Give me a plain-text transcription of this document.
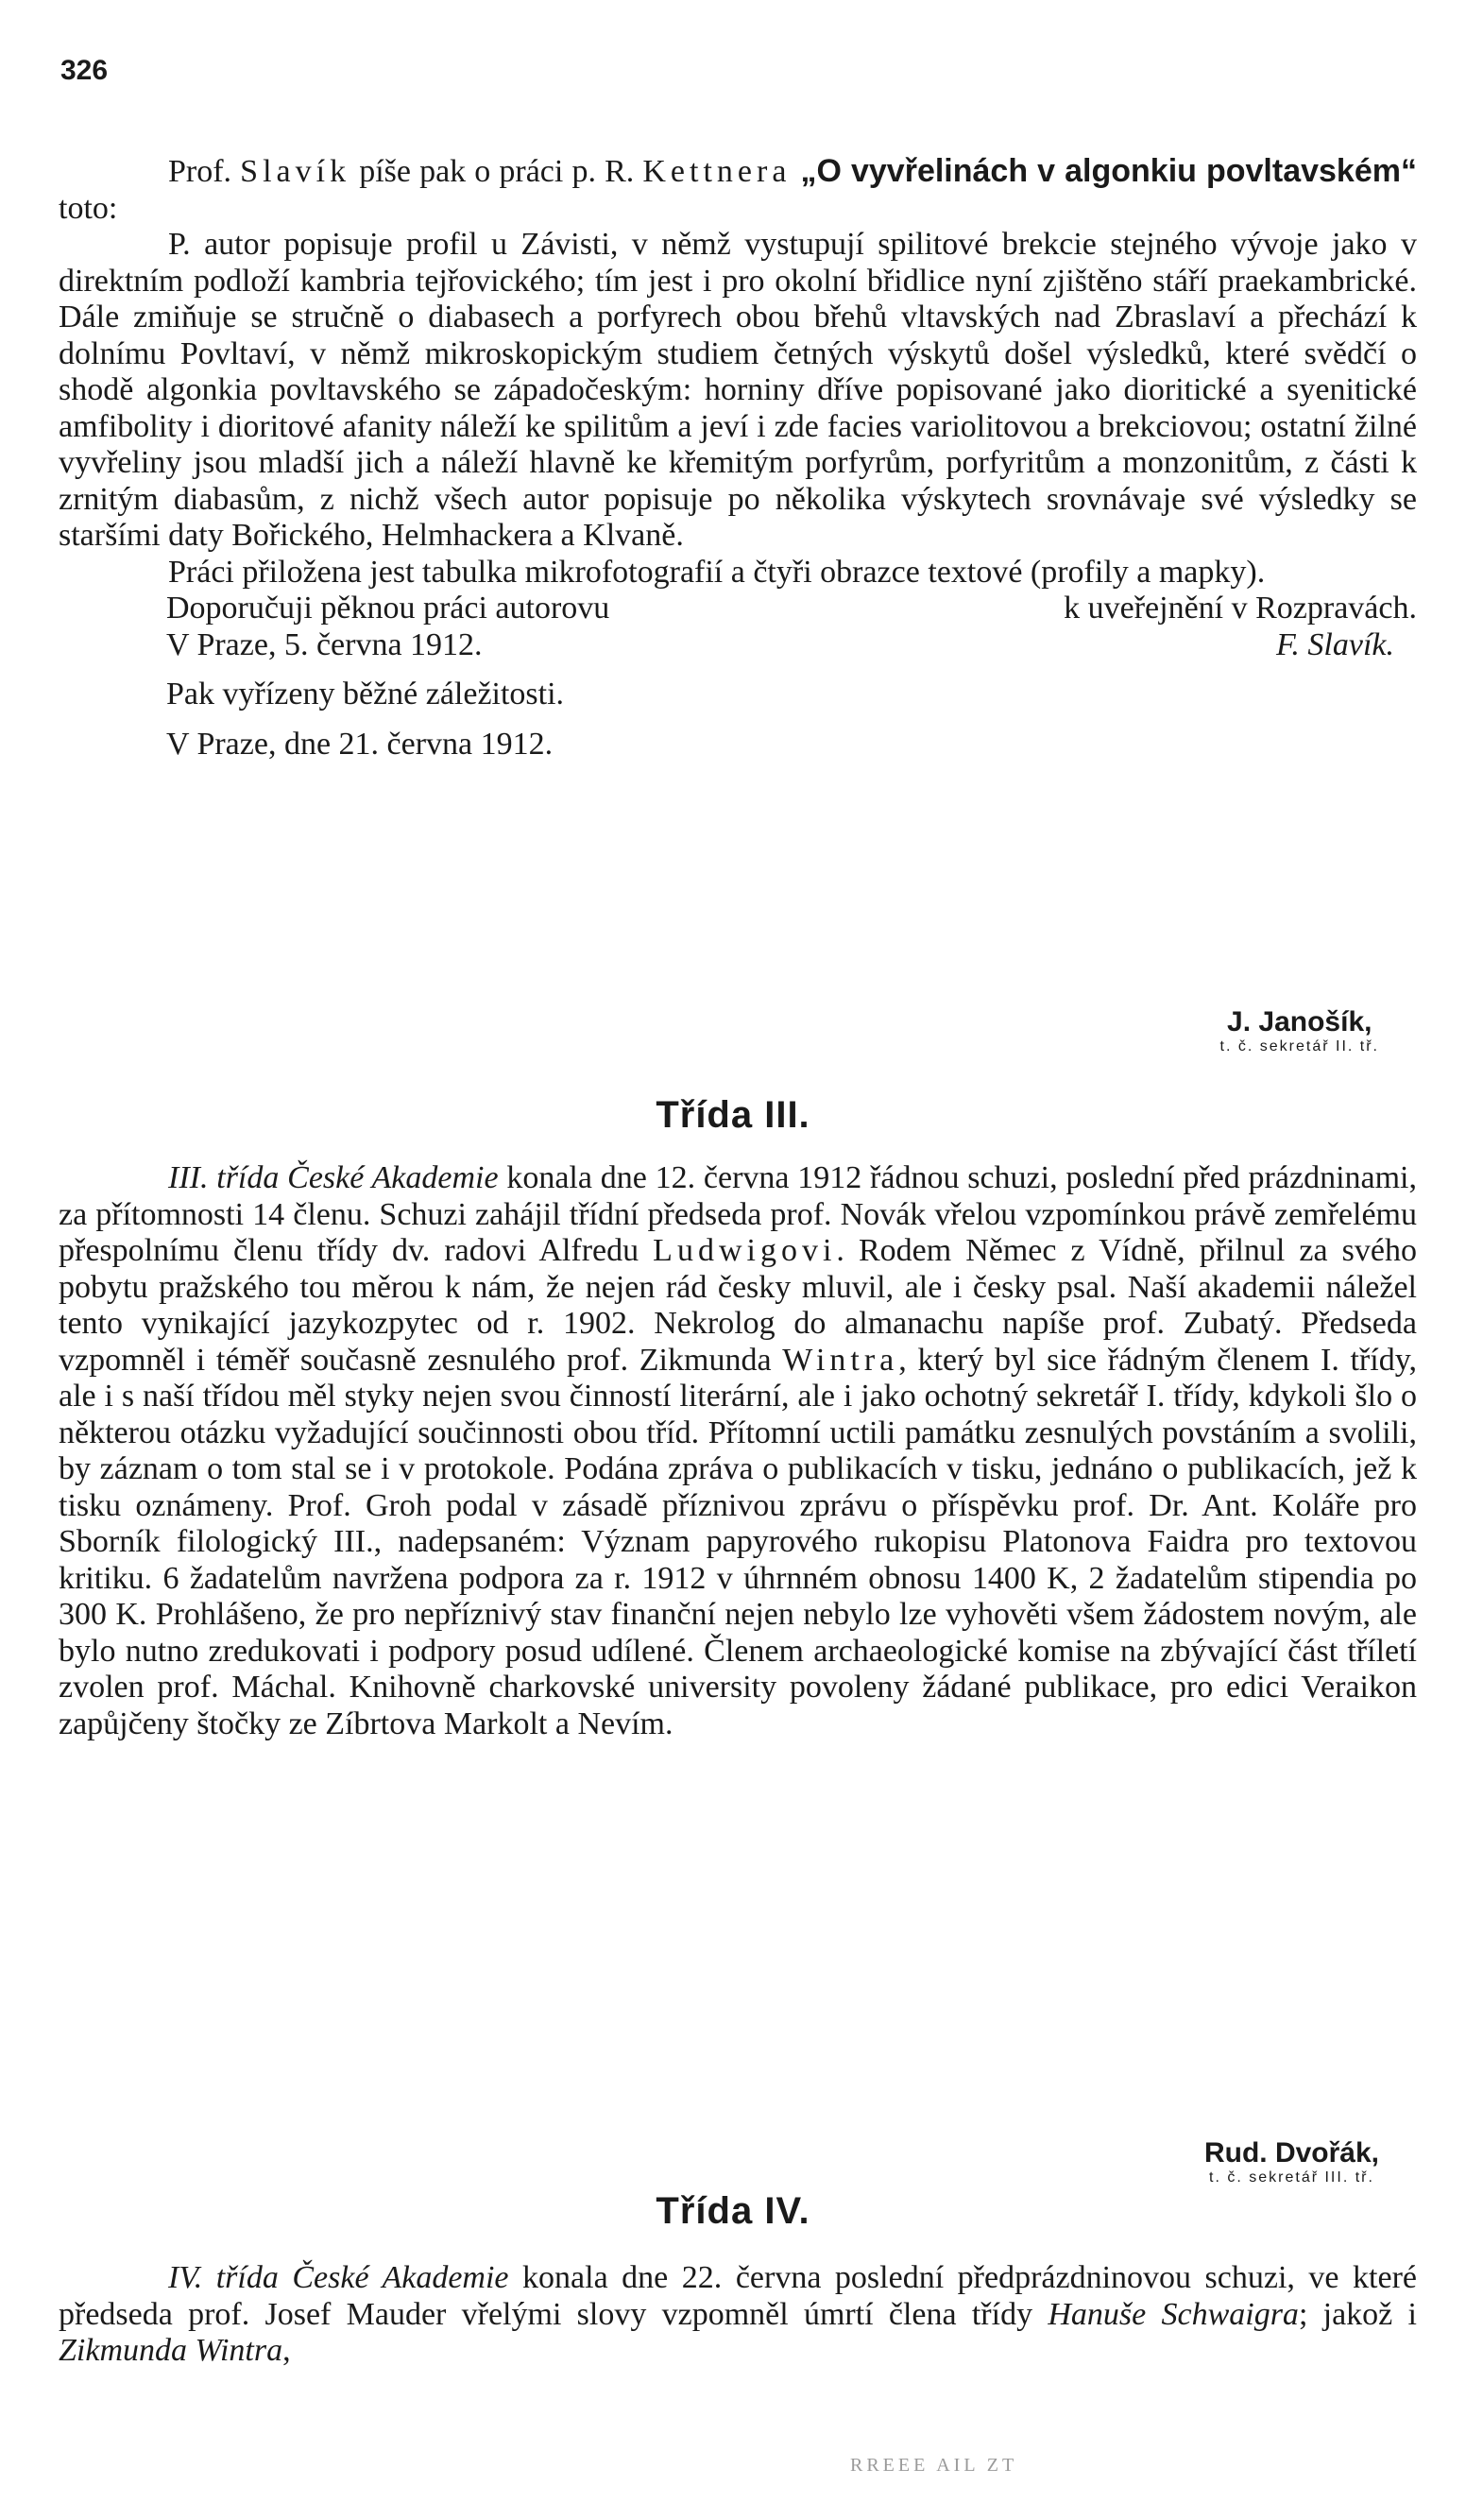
326

Prof. Slavík píše pak o práci p. R. Kettnera „O vyvřelinách v algonkiu povltavském“ toto:

P. autor popisuje profil u Závisti, v němž vystupují spilitové brekcie stejného vývoje jako v direktním podloží kambria tejřovického; tím jest i pro okolní břidlice nyní zjištěno stáří praekambrické. Dále zmiňuje se stručně o diabasech a porfyrech obou břehů vltavských nad Zbraslaví a přechází k dolnímu Povltaví, v němž mikroskopickým studiem četných výskytů došel výsledků, které svědčí o shodě algonkia povltavského se západočeským: horniny dříve popisované jako dioritické a syenitické amfibolity i dioritové afanity náleží ke spilitům a jeví i zde facies variolitovou a brekciovou; ostatní žilné vyvřeliny jsou mladší jich a náleží hlavně ke křemitým porfyrům, porfyritům a monzonitům, z části k zrnitým diabasům, z nichž všech autor popisuje po několika výskytech srovnávaje své výsledky se staršími daty Bořického, Helmhackera a Klvaně.

Práci přiložena jest tabulka mikrofotografií a čtyři obrazce textové (profily a mapky).

Doporučuji pěknou práci autorovu	k uveřejnění v Rozpravách.
V Praze, 5. června 1912.	F. Slavík.
Pak vyřízeny běžné záležitosti.
V Praze, dne 21. června 1912.
J. Janošík,
t. č. sekretář II. tř.
Třída III.

III. třída České Akademie konala dne 12. června 1912 řádnou schuzi, poslední před prázdninami, za přítomnosti 14 členu. Schuzi zahájil třídní předseda prof. Novák vřelou vzpomínkou právě zemřelému přespolnímu členu třídy dv. radovi Alfredu Ludwigovi. Rodem Němec z Vídně, přilnul za svého pobytu pražského tou měrou k nám, že nejen rád česky mluvil, ale i česky psal. Naší akademii náležel tento vynikající jazykozpytec od r. 1902. Nekrolog do almanachu napíše prof. Zubatý. Předseda vzpomněl i téměř současně zesnulého prof. Zikmunda Wintra, který byl sice řádným členem I. třídy, ale i s naší třídou měl styky nejen svou činností literární, ale i jako ochotný sekretář I. třídy, kdykoli šlo o některou otázku vyžadující součinnosti obou tříd. Přítomní uctili památku zesnulých povstáním a svolili, by záznam o tom stal se i v protokole. Podána zpráva o publikacích v tisku, jednáno o publikacích, jež k tisku oznámeny. Prof. Groh podal v zásadě příznivou zprávu o příspěvku prof. Dr. Ant. Koláře pro Sborník filologický III., nadepsaném: Význam papyrového rukopisu Platonova Faidra pro textovou kritiku. 6 žadatelům navržena podpora za r. 1912 v úhrnném obnosu 1400 K, 2 žadatelům stipendia po 300 K. Prohlášeno, že pro nepříznivý stav finanční nejen nebylo lze vyhověti všem žádostem novým, ale bylo nutno zredukovati i podpory posud udílené. Členem archaeologické komise na zbývající část tříletí zvolen prof. Máchal. Knihovně charkovské university povoleny žádané publikace, pro edici Veraikon zapůjčeny štočky ze Zíbrtova Markolt a Nevím.

Rud. Dvořák,
t. č. sekretář III. tř.
Třída IV.

IV. třída České Akademie konala dne 22. června poslední předprázdninovou schuzi, ve které předseda prof. Josef Mauder vřelými slovy vzpomněl úmrtí člena třídy Hanuše Schwaigra; jakož i Zikmunda Wintra,

RREEE AIL ZT
